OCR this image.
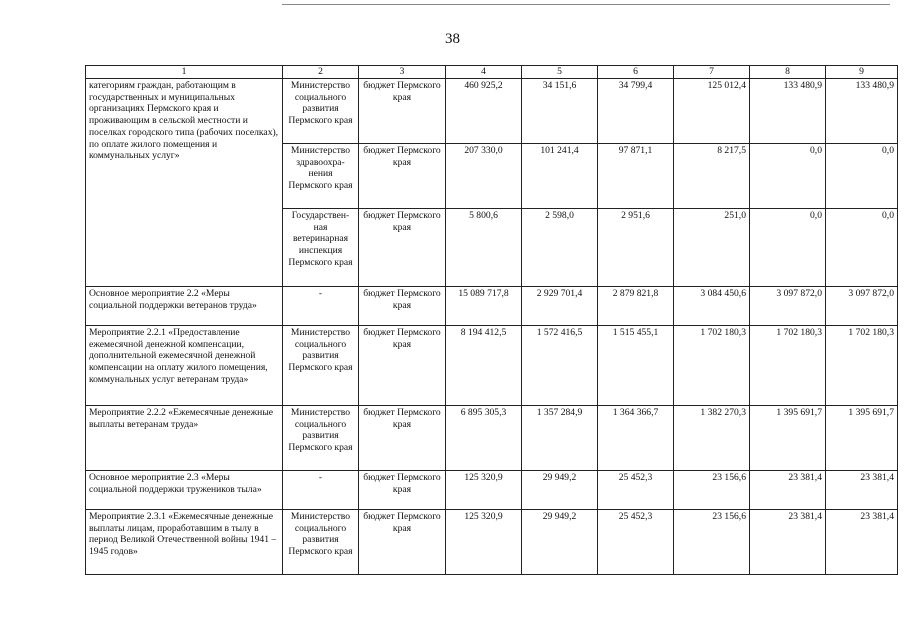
38
1	2	3	4	5	6	7	8	9
категориям граждан, работающим в государственных и муниципальных организациях Пермского края и проживающим в сельской местности и поселках городского типа (рабочих поселках), по оплате жилого помещения и коммунальных услуг»	Министерство социального развития Пермского края	бюджет Пермского края	460 925,2	34 151,6	34 799,4	125 012,4	133 480,9	133 480,9
	Министерство здравоохра-нения Пермского края	бюджет Пермского края	207 330,0	101 241,4	97 871,1	8 217,5	0,0	0,0
	Государствен-ная ветеринарная инспекция Пермского края	бюджет Пермского края	5 800,6	2 598,0	2 951,6	251,0	0,0	0,0
Основное мероприятие 2.2 «Меры социальной поддержки ветеранов труда»	-	бюджет Пермского края	15 089 717,8	2 929 701,4	2 879 821,8	3 084 450,6	3 097 872,0	3 097 872,0
Мероприятие 2.2.1 «Предоставление ежемесячной денежной компенсации, дополнительной ежемесячной денежной компенсации на оплату жилого помещения, коммунальных услуг ветеранам труда»	Министерство социального развития Пермского края	бюджет Пермского края	8 194 412,5	1 572 416,5	1 515 455,1	1 702 180,3	1 702 180,3	1 702 180,3
Мероприятие 2.2.2 «Ежемесячные денежные выплаты ветеранам труда»	Министерство социального развития Пермского края	бюджет Пермского края	6 895 305,3	1 357 284,9	1 364 366,7	1 382 270,3	1 395 691,7	1 395 691,7
Основное мероприятие 2.3 «Меры социальной поддержки тружеников тыла»	-	бюджет Пермского края	125 320,9	29 949,2	25 452,3	23 156,6	23 381,4	23 381,4
Мероприятие 2.3.1 «Ежемесячные денежные выплаты лицам, проработавшим в тылу в период Великой Отечественной войны 1941 – 1945 годов»	Министерство социального развития Пермского края	бюджет Пермского края	125 320,9	29 949,2	25 452,3	23 156,6	23 381,4	23 381,4
